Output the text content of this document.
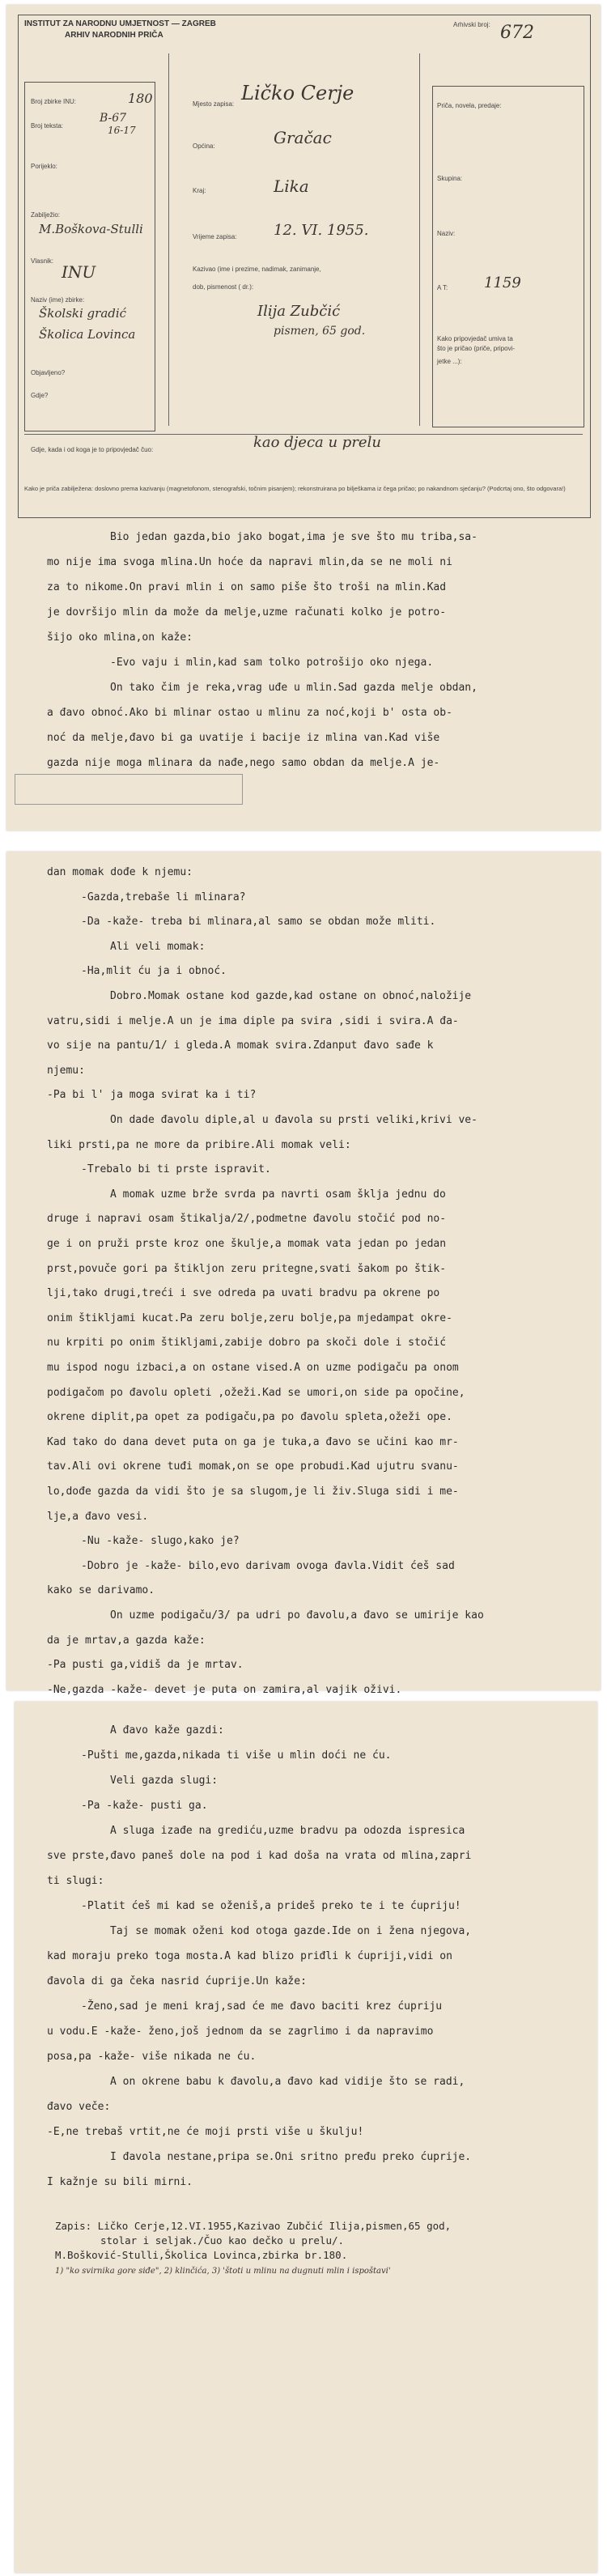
INSTITUT ZA NARODNU UMJETNOST — ZAGREB
ARHIV NARODNIH PRIČA
Arhivski broj: 672
Broj zbirke INU:	180
Broj teksta:
B-67
16-17
Porijeklo:
Zabilježio:
M.Boškova-Stulli
Vlasnik:
INU
Naziv (ime) zbirke:
Školski gradić
Školica Lovinca
Objavljeno?
Gdje?
Mjesto zapisa: Ličko Cerje
Općina:	Gračac
Kraj:	Lika
Vrijeme zapisa:	12. VI. 1955.
Kazivao (ime i prezime, nadimak, zanimanje,
dob, pismenost ( dr.):
Ilija Zubčić
pismen, 65 god.
Priča, novela, predaje:
Skupina:
Naziv:
A T: 1159
Kako pripovjedač umiva ta
što je pričao (priče, pripovi-
jetke ...):
Gdje, kada i od koga je to pripovjedač čuo:	kao djeca u prelu
Kako je priča zabilježena: doslovno prema kazivanju (magnetofonom, stenografski, točnim pisanjem); rekonstruirana po bilješkama iz čega pričao; po nakandnom sjećanju? (Podcrtaj ono, što odgovara!)
Bio jedan gazda,bio jako bogat,ima je sve što mu triba,sa-
mo nije ima svoga mlina.Un hoće da napravi mlin,da se ne moli ni
za to nikome.On pravi mlin i on samo piše što troši na mlin.Kad
je dovršijo mlin da može da melje,uzme računati kolko je potro-
šijo oko mlina,on kaže:
-Evo vaju i mlin,kad sam tolko potrošijo oko njega.
On tako čim je reka,vrag uđe u mlin.Sad gazda melje obdan,
a đavo obnoć.Ako bi mlinar ostao u mlinu za noć,koji b' osta ob-
noć da melje,đavo bi ga uvatije i bacije iz mlina van.Kad više
gazda nije moga mlinara da nađe,nego samo obdan da melje.A je-
dan momak dođe k njemu:
-Gazda,trebaše li mlinara?
-Da -kaže- treba bi mlinara,al samo se obdan može mliti.
Ali veli momak:
-Ha,mlit ću ja i obnoć.
Dobro.Momak ostane kod gazde,kad ostane on obnoć,naložije
vatru,sidi i melje.A un je ima diple pa svira ,sidi i svira.A đa-
vo sije na pantu/1/ i gleda.A momak svira.Zdanput đavo sađe k
njemu:
-Pa bi l' ja moga svirat ka i ti?
On dade đavolu diple,al u đavola su prsti veliki,krivi ve-
liki prsti,pa ne more da pribire.Ali momak veli:
-Trebalo bi ti prste ispravit.
A momak uzme brže svrda pa navrti osam šklja jednu do
druge i napravi osam štikalja/2/,podmetne đavolu stočić pod no-
ge i on pruži prste kroz one škulje,a momak vata jedan po jedan
prst,povuče gori pa štikljon zeru pritegne,svati šakom po štik-
lji,tako drugi,treći i sve odreda pa uvati bradvu pa okrene po
onim štikljami kucat.Pa zeru bolje,zeru bolje,pa mjedampat okre-
nu krpiti po onim štikljami,zabije dobro pa skoči dole i stočić
mu ispod nogu izbaci,a on ostane vised.A on uzme podigaču pa onom
podigačom po đavolu opleti ,ožeži.Kad se umori,on side pa opočine,
okrene diplit,pa opet za podigaču,pa po đavolu spleta,ožeži ope.
Kad tako do dana devet puta on ga je tuka,a đavo se učini kao mr-
tav.Ali ovi okrene tuđi momak,on se ope probudi.Kad ujutru svanu-
lo,dođe gazda da vidi što je sa slugom,je li živ.Sluga sidi i me-
lje,a đavo vesi.
-Nu -kaže- slugo,kako je?
-Dobro je -kaže- bilo,evo darivam ovoga đavla.Vidit ćeš sad
kako se darivamo.
On uzme podigaču/3/ pa udri po đavolu,a đavo se umirije kao
da je mrtav,a gazda kaže:
-Pa pusti ga,vidiš da je mrtav.
-Ne,gazda -kaže- devet je puta on zamira,al vajik oživi.
A đavo kaže gazdi:
-Pušti me,gazda,nikada ti više u mlin doći ne ću.
Veli gazda slugi:
-Pa -kaže- pusti ga.
A sluga izađe na grediću,uzme bradvu pa odozda ispresica
sve prste,đavo paneš dole na pod i kad doša na vrata od mlina,zapri
ti slugi:
-Platit ćeš mi kad se oženiš,a prideš preko te i te ćupriju!
Taj se momak oženi kod otoga gazde.Ide on i žena njegova,
kad moraju preko toga mosta.A kad blizo priđli k ćupriji,vidi on
đavola di ga čeka nasrid ćuprije.Un kaže:
-Ženo,sad je meni kraj,sad će me đavo baciti krez ćupriju
u vodu.E -kaže- ženo,još jednom da se zagrlimo i da napravimo
posa,pa -kaže- više nikada ne ću.
A on okrene babu k đavolu,a đavo kad vidije što se radi,
đavo veče:
-E,ne trebaš vrtit,ne će moji prsti više u škulju!
I đavola nestane,pripa se.Oni sritno pređu preko ćuprije.
I kažnje su bili mirni.
Zapis: Ličko Cerje,12.VI.1955,Kazivao Zubčić Ilija,pismen,65 god,
stolar i seljak./Čuo kao dečko u prelu/.
M.Bošković-Stulli,Školica Lovinca,zbirka br.180.
1) "ko svirnika gore siđe", 2) klinčića, 3) 'štoti u mlinu na dugnuti mlin i ispoštavi'
